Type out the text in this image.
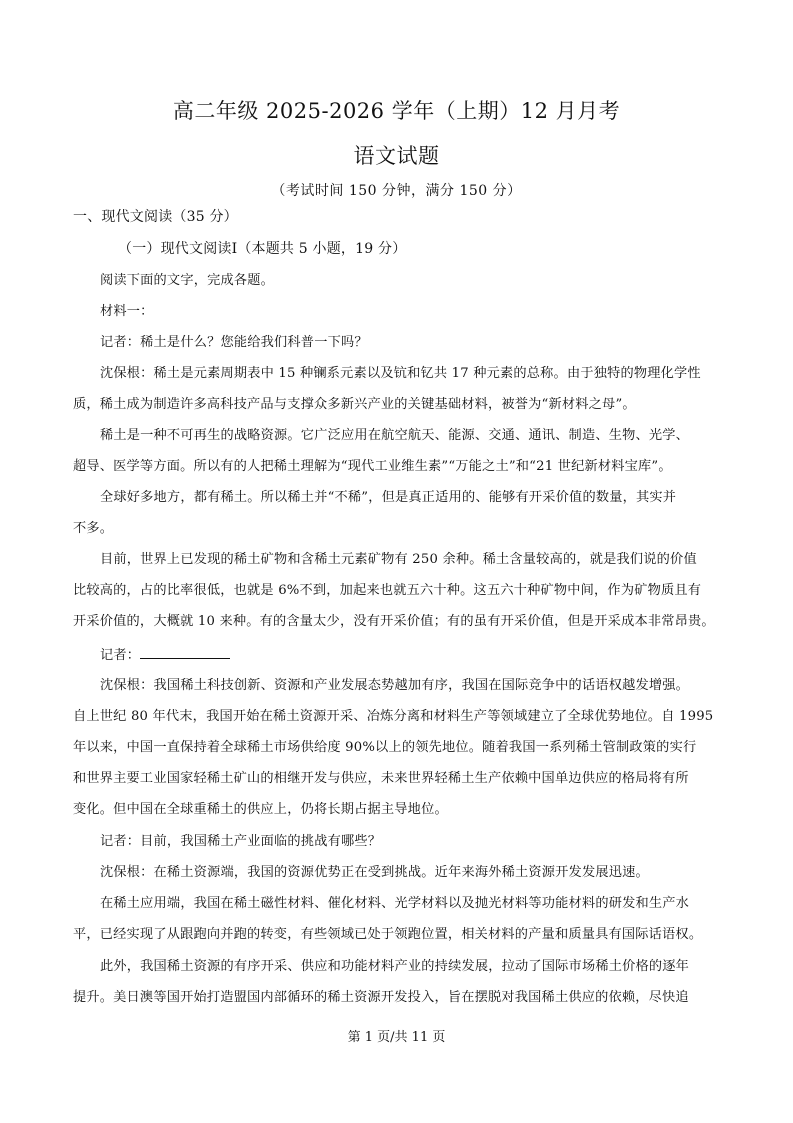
高二年级 2025-2026 学年（上期）12 月月考
语文试题
（考试时间 150 分钟，满分 150 分）
一、现代文阅读（35 分）
（一）现代文阅读Ⅰ（本题共 5 小题，19 分）
阅读下面的文字，完成各题。
材料一：
记者：稀土是什么？您能给我们科普一下吗？
沈保根：稀土是元素周期表中 15 种镧系元素以及钪和钇共 17 种元素的总称。由于独特的物理化学性
质，稀土成为制造许多高科技产品与支撑众多新兴产业的关键基础材料，被誉为“新材料之母”。
稀土是一种不可再生的战略资源。它广泛应用在航空航天、能源、交通、通讯、制造、生物、光学、
超导、医学等方面。所以有的人把稀土理解为“现代工业维生素”“万能之土”和“21 世纪新材料宝库”。
全球好多地方，都有稀土。所以稀土并“不稀”，但是真正适用的、能够有开采价值的数量，其实并
不多。
目前，世界上已发现的稀土矿物和含稀土元素矿物有 250 余种。稀土含量较高的，就是我们说的价值
比较高的，占的比率很低，也就是 6%不到，加起来也就五六十种。这五六十种矿物中间，作为矿物质且有
开采价值的，大概就 10 来种。有的含量太少，没有开采价值；有的虽有开采价值，但是开采成本非常昂贵。
记者：
沈保根：我国稀土科技创新、资源和产业发展态势越加有序，我国在国际竞争中的话语权越发增强。
自上世纪 80 年代末，我国开始在稀土资源开采、冶炼分离和材料生产等领域建立了全球优势地位。自 1995
年以来，中国一直保持着全球稀土市场供给度 90%以上的领先地位。随着我国一系列稀土管制政策的实行
和世界主要工业国家轻稀土矿山的相继开发与供应，未来世界轻稀土生产依赖中国单边供应的格局将有所
变化。但中国在全球重稀土的供应上，仍将长期占据主导地位。
记者：目前，我国稀土产业面临的挑战有哪些？
沈保根：在稀土资源端，我国的资源优势正在受到挑战。近年来海外稀土资源开发发展迅速。
在稀土应用端，我国在稀土磁性材料、催化材料、光学材料以及抛光材料等功能材料的研发和生产水
平，已经实现了从跟跑向并跑的转变，有些领域已处于领跑位置，相关材料的产量和质量具有国际话语权。
此外，我国稀土资源的有序开采、供应和功能材料产业的持续发展，拉动了国际市场稀土价格的逐年
提升。美日澳等国开始打造盟国内部循环的稀土资源开发投入，旨在摆脱对我国稀土供应的依赖，尽快追
第 1 页/共 11 页
